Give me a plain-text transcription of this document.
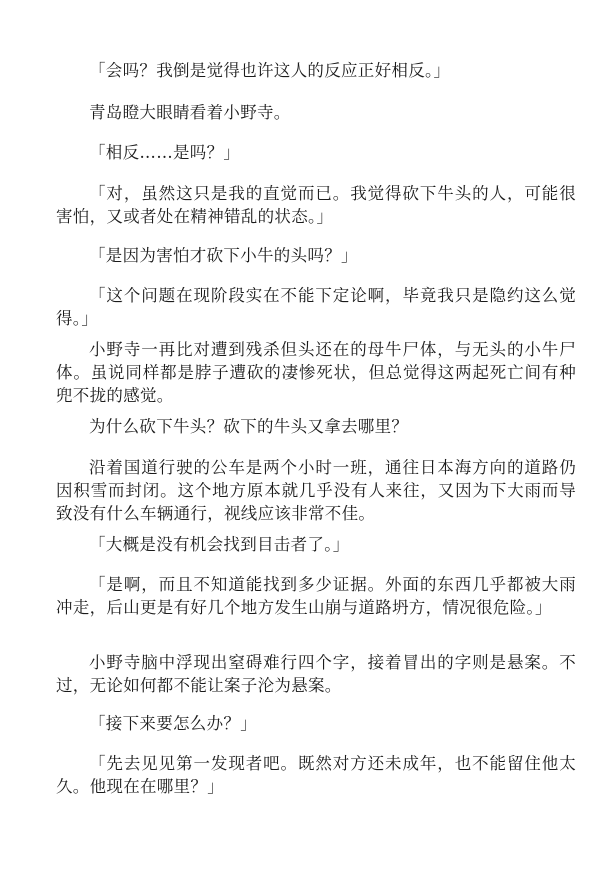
「会吗？我倒是觉得也许这人的反应正好相反。」

青岛瞪大眼睛看着小野寺。

「相反……是吗？」

「对，虽然这只是我的直觉而已。我觉得砍下牛头的人，可能很害怕，又或者处在精神错乱的状态。」

「是因为害怕才砍下小牛的头吗？」

「这个问题在现阶段实在不能下定论啊，毕竟我只是隐约这么觉得。」

小野寺一再比对遭到残杀但头还在的母牛尸体，与无头的小牛尸体。虽说同样都是脖子遭砍的凄惨死状，但总觉得这两起死亡间有种兜不拢的感觉。

为什么砍下牛头？砍下的牛头又拿去哪里？

沿着国道行驶的公车是两个小时一班，通往日本海方向的道路仍因积雪而封闭。这个地方原本就几乎没有人来往，又因为下大雨而导致没有什么车辆通行，视线应该非常不佳。

「大概是没有机会找到目击者了。」

「是啊，而且不知道能找到多少证据。外面的东西几乎都被大雨冲走，后山更是有好几个地方发生山崩与道路坍方，情况很危险。」

小野寺脑中浮现出窒碍难行四个字，接着冒出的字则是悬案。不过，无论如何都不能让案子沦为悬案。

「接下来要怎么办？」

「先去见见第一发现者吧。既然对方还未成年，也不能留住他太久。他现在在哪里？」
